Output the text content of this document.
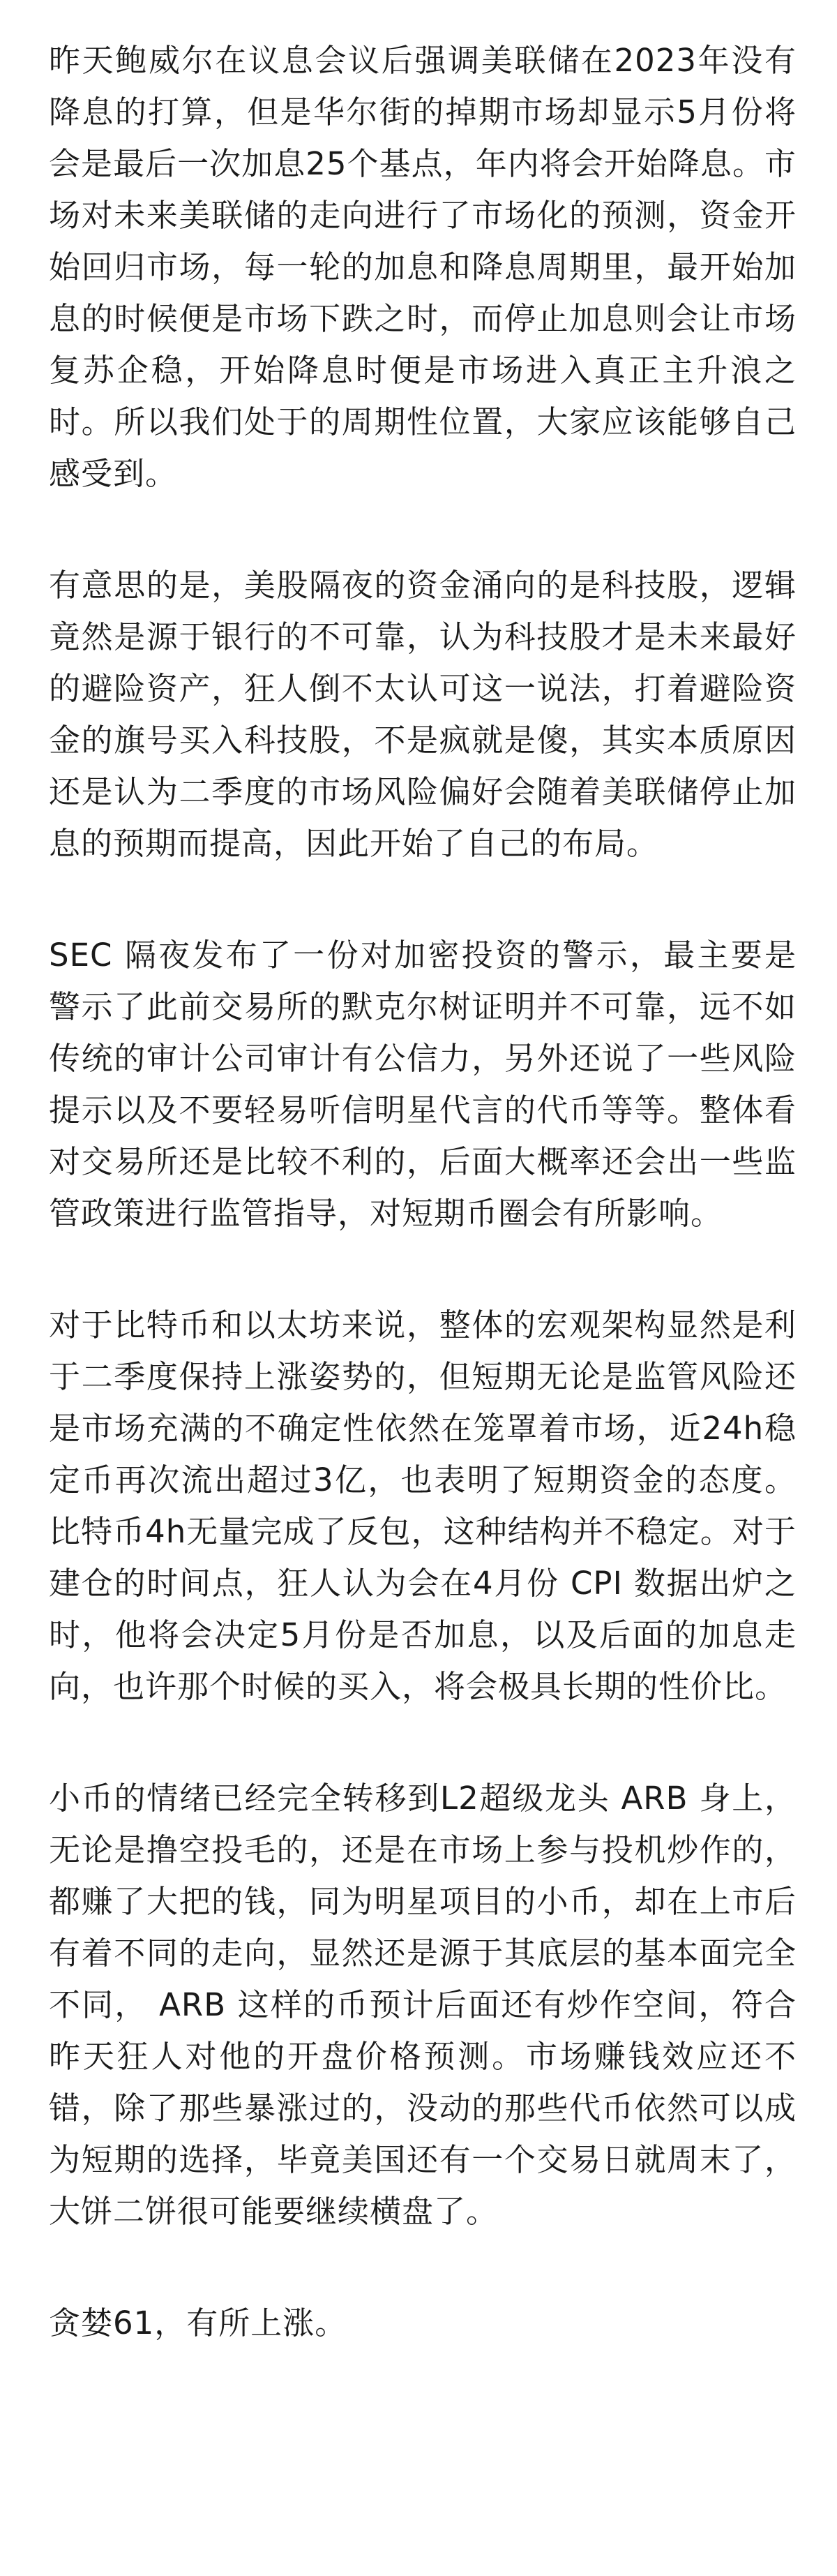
昨天鲍威尔在议息会议后强调美联储在2023年没有降息的打算，但是华尔街的掉期市场却显示5月份将会是最后一次加息25个基点，年内将会开始降息。市场对未来美联储的走向进行了市场化的预测，资金开始回归市场，每一轮的加息和降息周期里，最开始加息的时候便是市场下跌之时，而停止加息则会让市场复苏企稳，开始降息时便是市场进入真正主升浪之时。所以我们处于的周期性位置，大家应该能够自己感受到。

有意思的是，美股隔夜的资金涌向的是科技股，逻辑竟然是源于银行的不可靠，认为科技股才是未来最好的避险资产，狂人倒不太认可这一说法，打着避险资金的旗号买入科技股，不是疯就是傻，其实本质原因还是认为二季度的市场风险偏好会随着美联储停止加息的预期而提高，因此开始了自己的布局。

SEC 隔夜发布了一份对加密投资的警示，最主要是警示了此前交易所的默克尔树证明并不可靠，远不如传统的审计公司审计有公信力，另外还说了一些风险提示以及不要轻易听信明星代言的代币等等。整体看对交易所还是比较不利的，后面大概率还会出一些监管政策进行监管指导，对短期币圈会有所影响。

对于比特币和以太坊来说，整体的宏观架构显然是利于二季度保持上涨姿势的，但短期无论是监管风险还是市场充满的不确定性依然在笼罩着市场，近24h稳定币再次流出超过3亿，也表明了短期资金的态度。比特币4h无量完成了反包，这种结构并不稳定。对于建仓的时间点，狂人认为会在4月份 CPI 数据出炉之时，他将会决定5月份是否加息，以及后面的加息走向，也许那个时候的买入，将会极具长期的性价比。

小币的情绪已经完全转移到L2超级龙头 ARB 身上，无论是撸空投毛的，还是在市场上参与投机炒作的，都赚了大把的钱，同为明星项目的小币，却在上市后有着不同的走向，显然还是源于其底层的基本面完全不同， ARB 这样的币预计后面还有炒作空间，符合昨天狂人对他的开盘价格预测。市场赚钱效应还不错，除了那些暴涨过的，没动的那些代币依然可以成为短期的选择，毕竟美国还有一个交易日就周末了，大饼二饼很可能要继续横盘了。

贪婪61，有所上涨。
